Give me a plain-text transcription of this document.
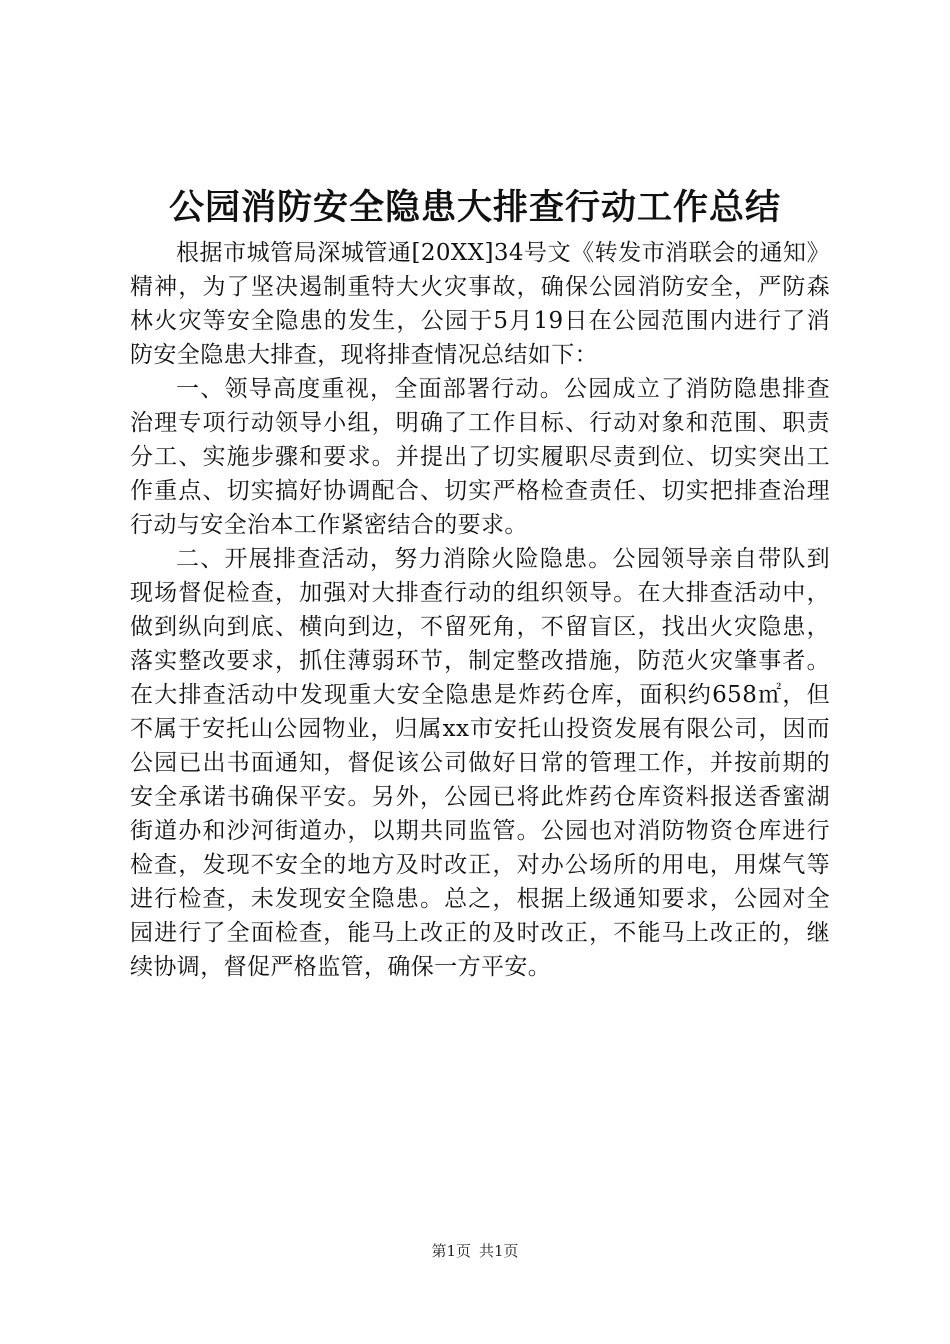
公园消防安全隐患大排查行动工作总结

根据市城管局深城管通[20XX]34号文《转发市消联会的通知》精神，为了坚决遏制重特大火灾事故，确保公园消防安全，严防森林火灾等安全隐患的发生，公园于5月19日在公园范围内进行了消防安全隐患大排查，现将排查情况总结如下：

一、领导高度重视，全面部署行动。公园成立了消防隐患排查治理专项行动领导小组，明确了工作目标、行动对象和范围、职责分工、实施步骤和要求。并提出了切实履职尽责到位、切实突出工作重点、切实搞好协调配合、切实严格检查责任、切实把排查治理行动与安全治本工作紧密结合的要求。

二、开展排查活动，努力消除火险隐患。公园领导亲自带队到现场督促检查，加强对大排查行动的组织领导。在大排查活动中，做到纵向到底、横向到边，不留死角，不留盲区，找出火灾隐患，落实整改要求，抓住薄弱环节，制定整改措施，防范火灾肇事者。在大排查活动中发现重大安全隐患是炸药仓库，面积约658㎡，但不属于安托山公园物业，归属xx市安托山投资发展有限公司，因而公园已出书面通知，督促该公司做好日常的管理工作，并按前期的安全承诺书确保平安。另外，公园已将此炸药仓库资料报送香蜜湖街道办和沙河街道办，以期共同监管。公园也对消防物资仓库进行检查，发现不安全的地方及时改正，对办公场所的用电，用煤气等进行检查，未发现安全隐患。总之，根据上级通知要求，公园对全园进行了全面检查，能马上改正的及时改正，不能马上改正的，继续协调，督促严格监管，确保一方平安。

第1页 共1页
